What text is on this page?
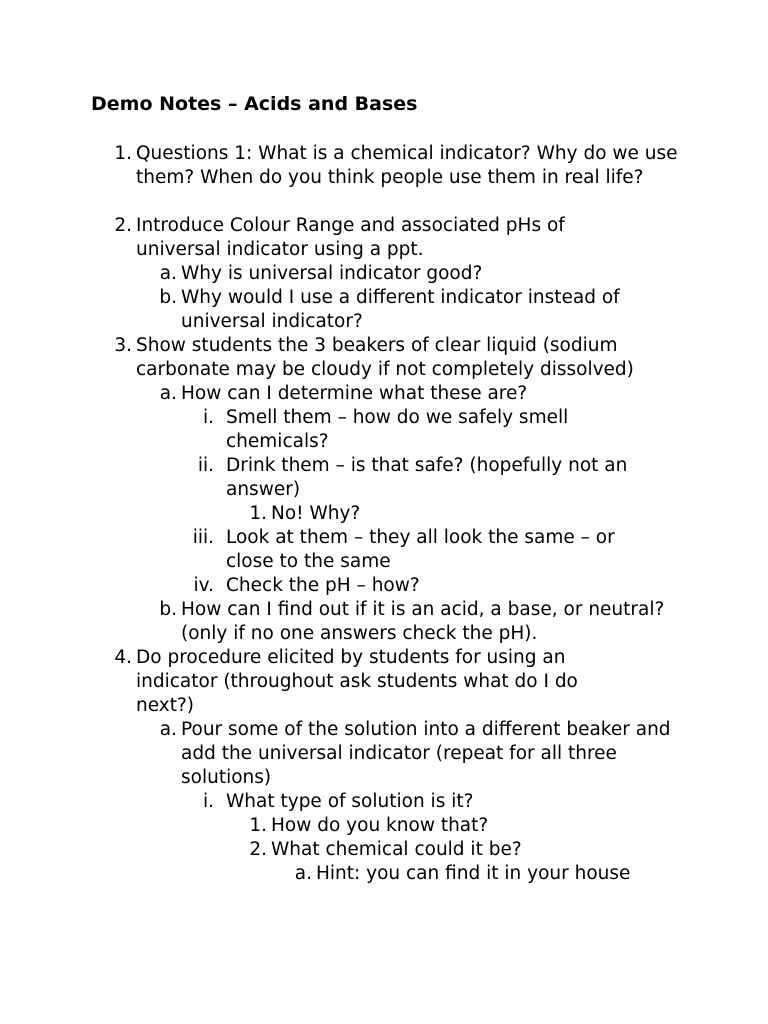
Demo Notes – Acids and Bases
1. Questions 1: What is a chemical indicator? Why do we use them? When do you think people use them in real life?
2. Introduce Colour Range and associated pHs of universal indicator using a ppt.
a. Why is universal indicator good?
b. Why would I use a different indicator instead of universal indicator?
3. Show students the 3 beakers of clear liquid (sodium carbonate may be cloudy if not completely dissolved)
a. How can I determine what these are?
i. Smell them – how do we safely smell chemicals?
ii. Drink them – is that safe? (hopefully not an answer)
1. No! Why?
iii. Look at them – they all look the same – or close to the same
iv. Check the pH – how?
b. How can I find out if it is an acid, a base, or neutral? (only if no one answers check the pH).
4. Do procedure elicited by students for using an indicator (throughout ask students what do I do next?)
a. Pour some of the solution into a different beaker and add the universal indicator (repeat for all three solutions)
i. What type of solution is it?
1. How do you know that?
2. What chemical could it be?
a. Hint: you can find it in your house
